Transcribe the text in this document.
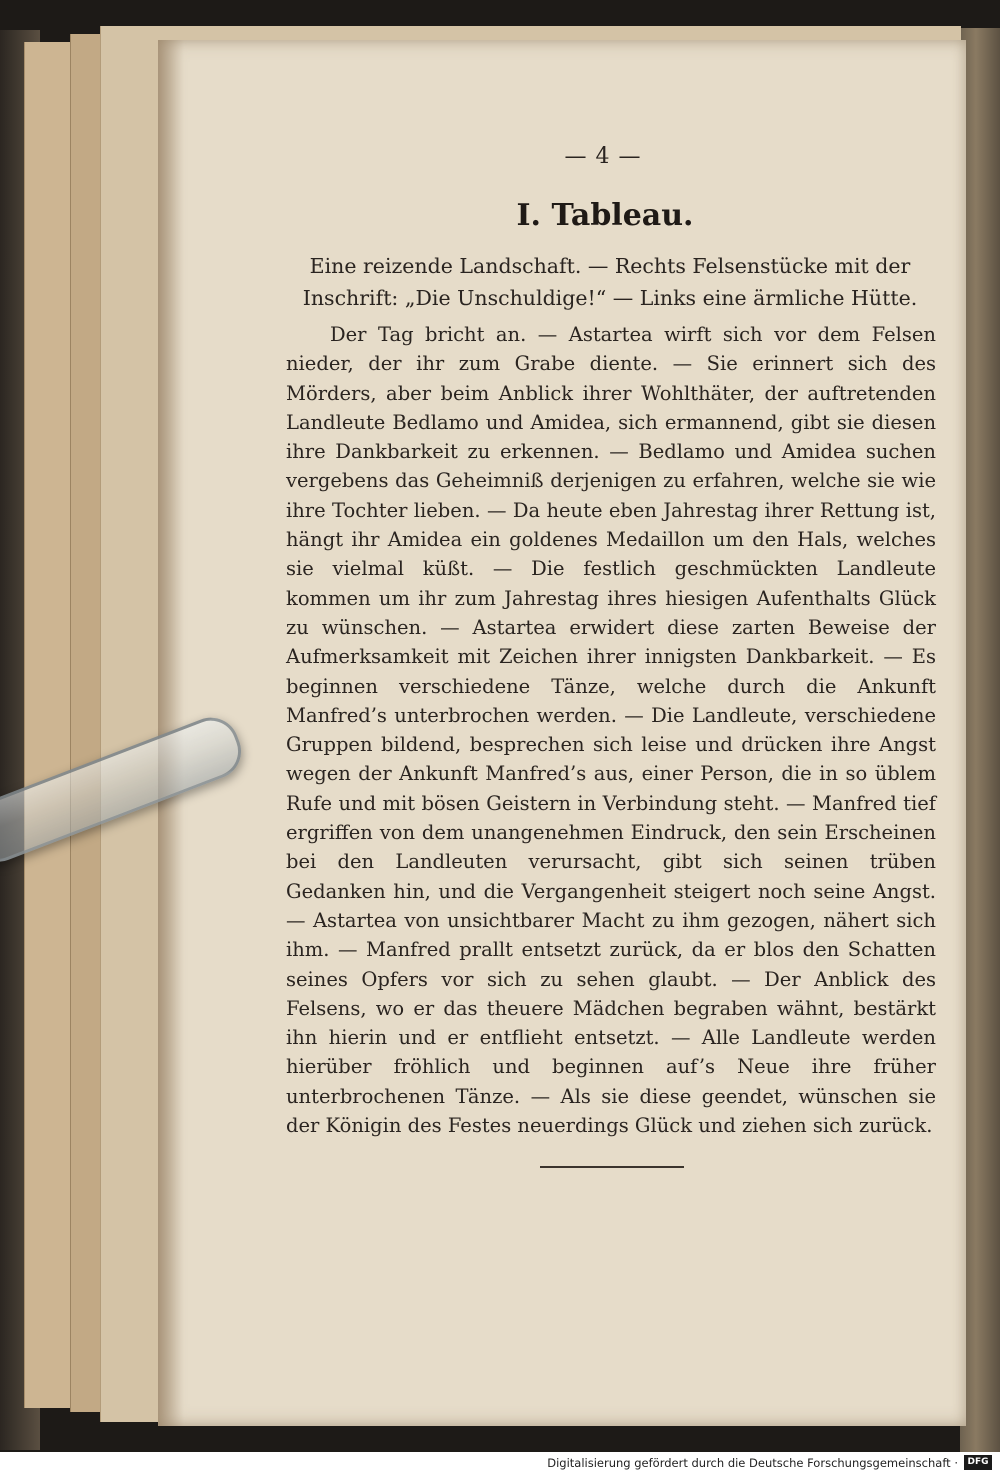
— 4 —
I. Tableau.
Eine reizende Landschaft. — Rechts Felsenstücke mit der Inschrift: „Die Unschuldige!“ — Links eine ärmliche Hütte.

Der Tag bricht an. — Astartea wirft sich vor dem Felsen nieder, der ihr zum Grabe diente. — Sie erinnert sich des Mörders, aber beim Anblick ihrer Wohlthäter, der auftretenden Landleute Bedlamo und Amidea, sich ermannend, gibt sie diesen ihre Dankbarkeit zu erkennen. — Bedlamo und Amidea suchen vergebens das Geheimniß derjenigen zu erfahren, welche sie wie ihre Tochter lieben. — Da heute eben Jahrestag ihrer Rettung ist, hängt ihr Amidea ein goldenes Medaillon um den Hals, welches sie vielmal küßt. — Die festlich geschmückten Landleute kommen um ihr zum Jahrestag ihres hiesigen Aufenthalts Glück zu wünschen. — Astartea erwidert diese zarten Beweise der Aufmerksamkeit mit Zeichen ihrer innigsten Dankbarkeit. — Es beginnen verschiedene Tänze, welche durch die Ankunft Manfred’s unterbrochen werden. — Die Landleute, verschiedene Gruppen bildend, besprechen sich leise und drücken ihre Angst wegen der Ankunft Manfred’s aus, einer Person, die in so üblem Rufe und mit bösen Geistern in Verbindung steht. — Manfred tief ergriffen von dem unangenehmen Eindruck, den sein Erscheinen bei den Landleuten verursacht, gibt sich seinen trüben Gedanken hin, und die Vergangenheit steigert noch seine Angst. — Astartea von unsichtbarer Macht zu ihm gezogen, nähert sich ihm. — Manfred prallt entsetzt zurück, da er blos den Schatten seines Opfers vor sich zu sehen glaubt. — Der Anblick des Felsens, wo er das theuere Mädchen begraben wähnt, bestärkt ihn hierin und er entflieht entsetzt. — Alle Landleute werden hierüber fröhlich und beginnen auf’s Neue ihre früher unterbrochenen Tänze. — Als sie diese geendet, wünschen sie der Königin des Festes neuerdings Glück und ziehen sich zurück.

Digitalisierung gefördert durch die Deutsche Forschungsgemeinschaft ·	DFG
